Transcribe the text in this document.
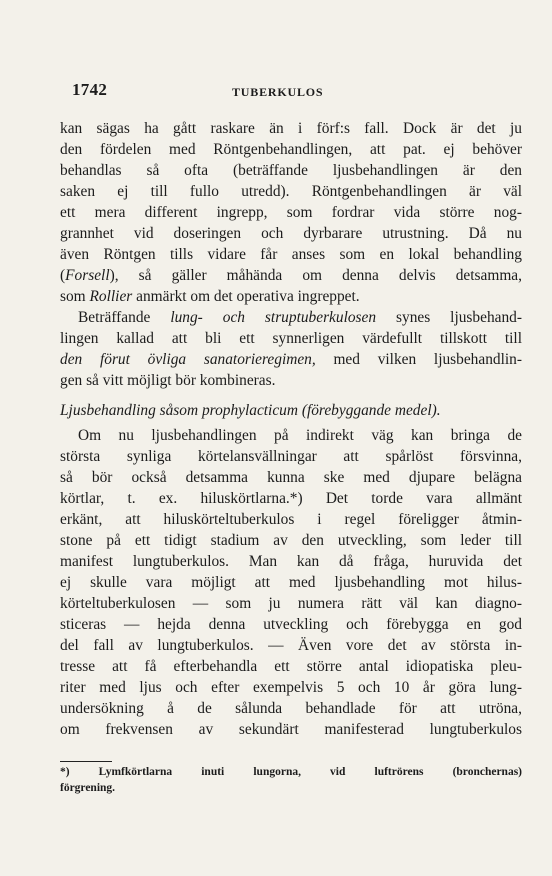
1742	TUBERKULOS
kan sägas ha gått raskare än i förf:s fall. Dock är det ju
den fördelen med Röntgenbehandlingen, att pat. ej behöver
behandlas så ofta (beträffande ljusbehandlingen är den
saken ej till fullo utredd). Röntgenbehandlingen är väl
ett mera different ingrepp, som fordrar vida större nog-
grannhet vid doseringen och dyrbarare utrustning. Då nu
även Röntgen tills vidare får anses som en lokal behandling
(Forsell), så gäller måhända om denna delvis detsamma,
som Rollier anmärkt om det operativa ingreppet.
Beträffande lung- och struptuberkulosen synes ljusbehand-
lingen kallad att bli ett synnerligen värdefullt tillskott till
den förut övliga sanatorieregimen, med vilken ljusbehandlin-
gen så vitt möjligt bör kombineras.
Ljusbehandling såsom prophylacticum (förebyggande medel).
Om nu ljusbehandlingen på indirekt väg kan bringa de
största synliga körtelansvällningar att spårlöst försvinna,
så bör också detsamma kunna ske med djupare belägna
körtlar, t. ex. hiluskörtlarna.*) Det torde vara allmänt
erkänt, att hiluskörteltuberkulos i regel föreligger åtmin-
stone på ett tidigt stadium av den utveckling, som leder till
manifest lungtuberkulos. Man kan då fråga, huruvida det
ej skulle vara möjligt att med ljusbehandling mot hilus-
körteltuberkulosen — som ju numera rätt väl kan diagno-
sticeras — hejda denna utveckling och förebygga en god
del fall av lungtuberkulos. — Även vore det av största in-
tresse att få efterbehandla ett större antal idiopatiska pleu-
riter med ljus och efter exempelvis 5 och 10 år göra lung-
undersökning å de sålunda behandlade för att utröna,
om frekvensen av sekundärt manifesterad lungtuberkulos
*) Lymfkörtlarna inuti lungorna, vid luftrörens (bronchernas)
förgrening.
